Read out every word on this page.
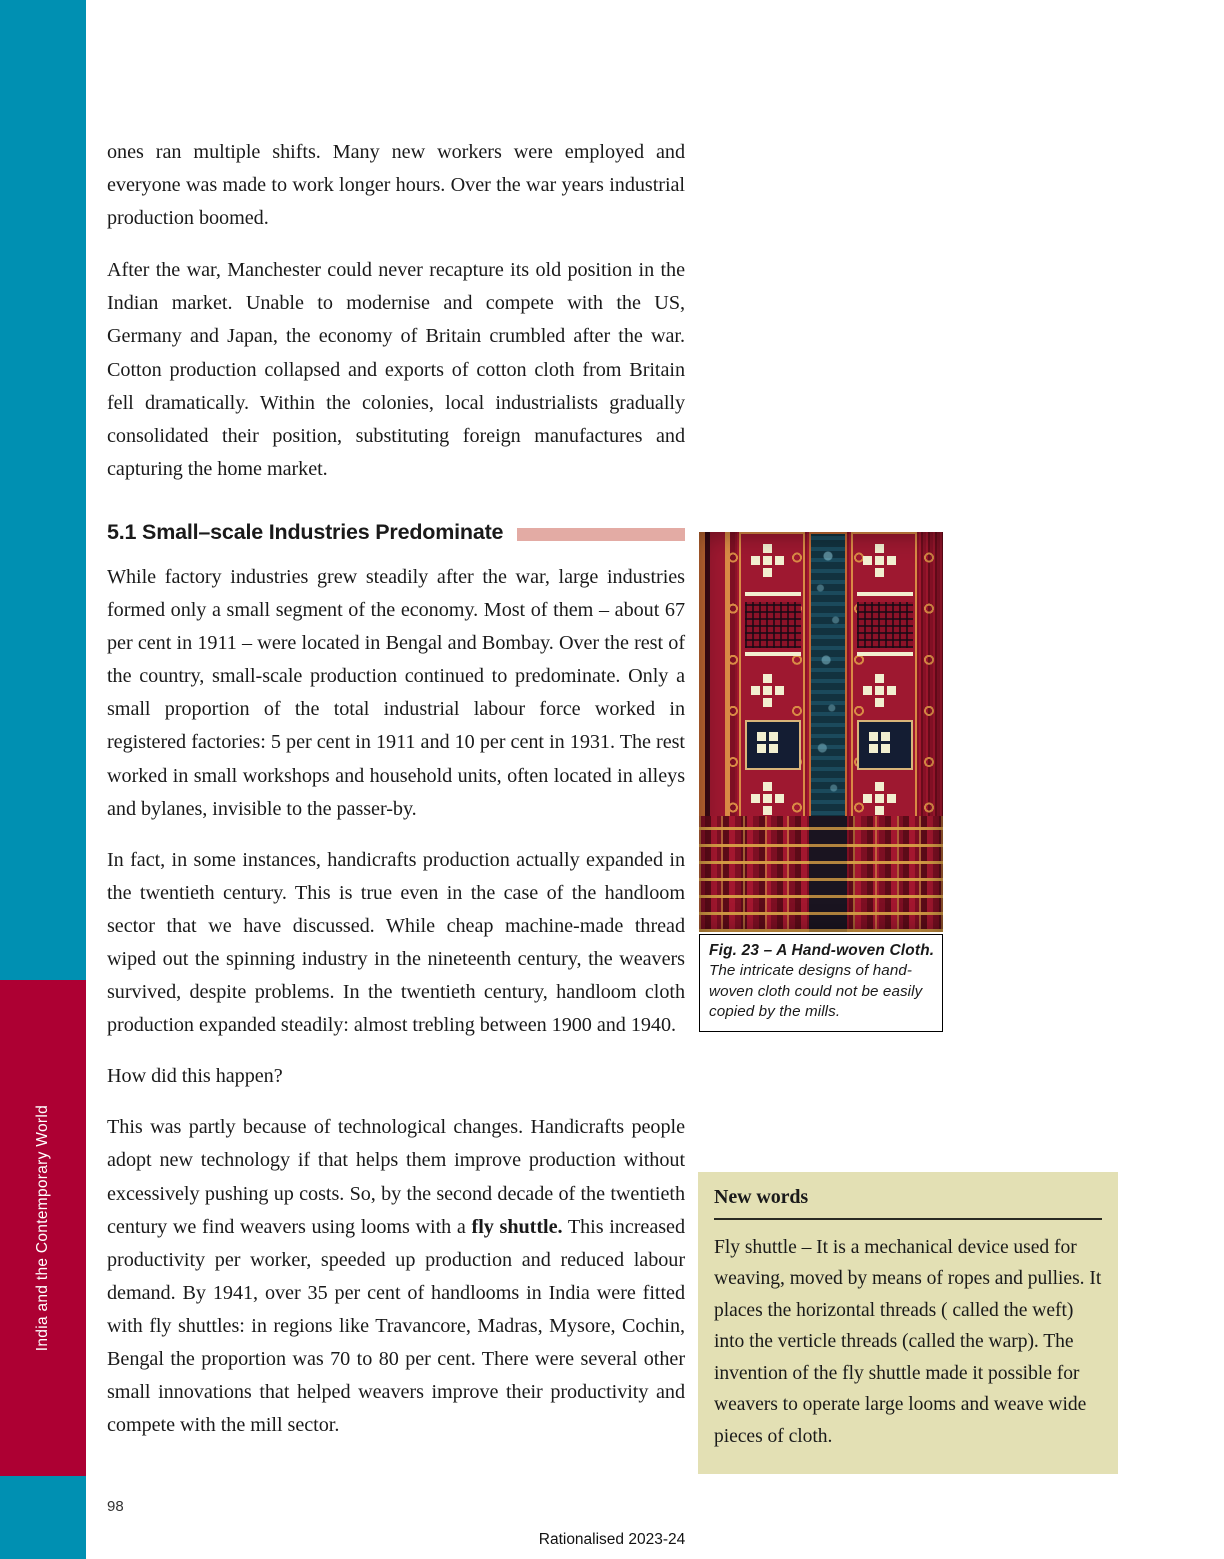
India and the Contemporary World

ones ran multiple shifts. Many new workers were employed and everyone was made to work longer hours. Over the war years industrial production boomed.

After the war, Manchester could never recapture its old position in the Indian market. Unable to modernise and compete with the US, Germany and Japan, the economy of Britain crumbled after the war. Cotton production collapsed and exports of cotton cloth from Britain fell dramatically. Within the colonies, local industrialists gradually consolidated their position, substituting foreign manufactures and capturing the home market.

5.1 Small–scale Industries Predominate

While factory industries grew steadily after the war, large industries formed only a small segment of the economy. Most of them – about 67 per cent in 1911 – were located in Bengal and Bombay. Over the rest of the country, small-scale production continued to predominate. Only a small proportion of the total industrial labour force worked in registered factories: 5 per cent in 1911 and 10 per cent in 1931. The rest worked in small workshops and household units, often located in alleys and bylanes, invisible to the passer-by.

In fact, in some instances, handicrafts production actually expanded in the twentieth century. This is true even in the case of the handloom sector that we have discussed. While cheap machine-made thread wiped out the spinning industry in the nineteenth century, the weavers survived, despite problems. In the twentieth century, handloom cloth production expanded steadily: almost trebling between 1900 and 1940.

How did this happen?

This was partly because of technological changes. Handicrafts people adopt new technology if that helps them improve production without excessively pushing up costs. So, by the second decade of the twentieth century we find weavers using looms with a fly shuttle. This increased productivity per worker, speeded up production and reduced labour demand. By 1941, over 35 per cent of handlooms in India were fitted with fly shuttles: in regions like Travancore, Madras, Mysore, Cochin, Bengal the proportion was 70 to 80 per cent. There were several other small innovations that helped weavers improve their productivity and compete with the mill sector.

Fig. 23 – A Hand-woven Cloth.

The intricate designs of hand-woven cloth could not be easily copied by the mills.

New words

Fly shuttle – It is a mechanical device used for weaving, moved by means of ropes and pullies. It places the horizontal threads ( called the weft) into the verticle threads (called the warp). The invention of the fly shuttle made it possible for weavers to operate large looms and weave wide pieces of cloth.

98
Rationalised 2023-24
